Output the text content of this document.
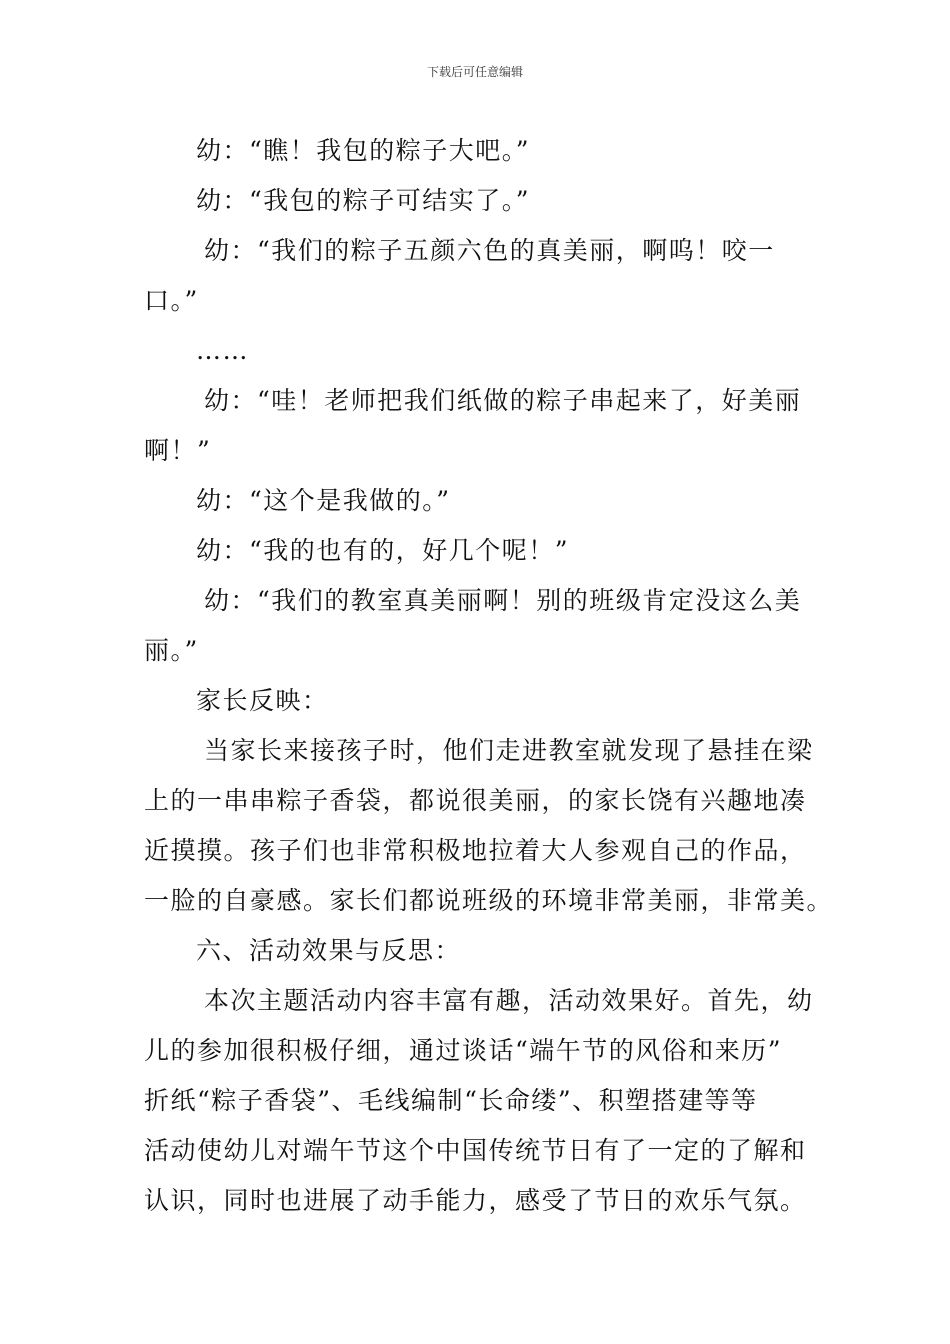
下载后可任意编辑

幼：“瞧！我包的粽子大吧。”

幼：“我包的粽子可结实了。”

幼：“我们的粽子五颜六色的真美丽，啊呜！咬一

口。”

……

幼：“哇！老师把我们纸做的粽子串起来了，好美丽

啊！”

幼：“这个是我做的。”

幼：“我的也有的，好几个呢！”

幼：“我们的教室真美丽啊！别的班级肯定没这么美

丽。”

家长反映：

当家长来接孩子时，他们走进教室就发现了悬挂在梁

上的一串串粽子香袋，都说很美丽，的家长饶有兴趣地凑

近摸摸。孩子们也非常积极地拉着大人参观自己的作品，

一脸的自豪感。家长们都说班级的环境非常美丽，非常美。

六、活动效果与反思：

本次主题活动内容丰富有趣，活动效果好。首先，幼

儿的参加很积极仔细，通过谈话“端午节的风俗和来历”

折纸“粽子香袋”、毛线编制“长命缕”、积塑搭建等等

活动使幼儿对端午节这个中国传统节日有了一定的了解和

认识，同时也进展了动手能力，感受了节日的欢乐气氛。
